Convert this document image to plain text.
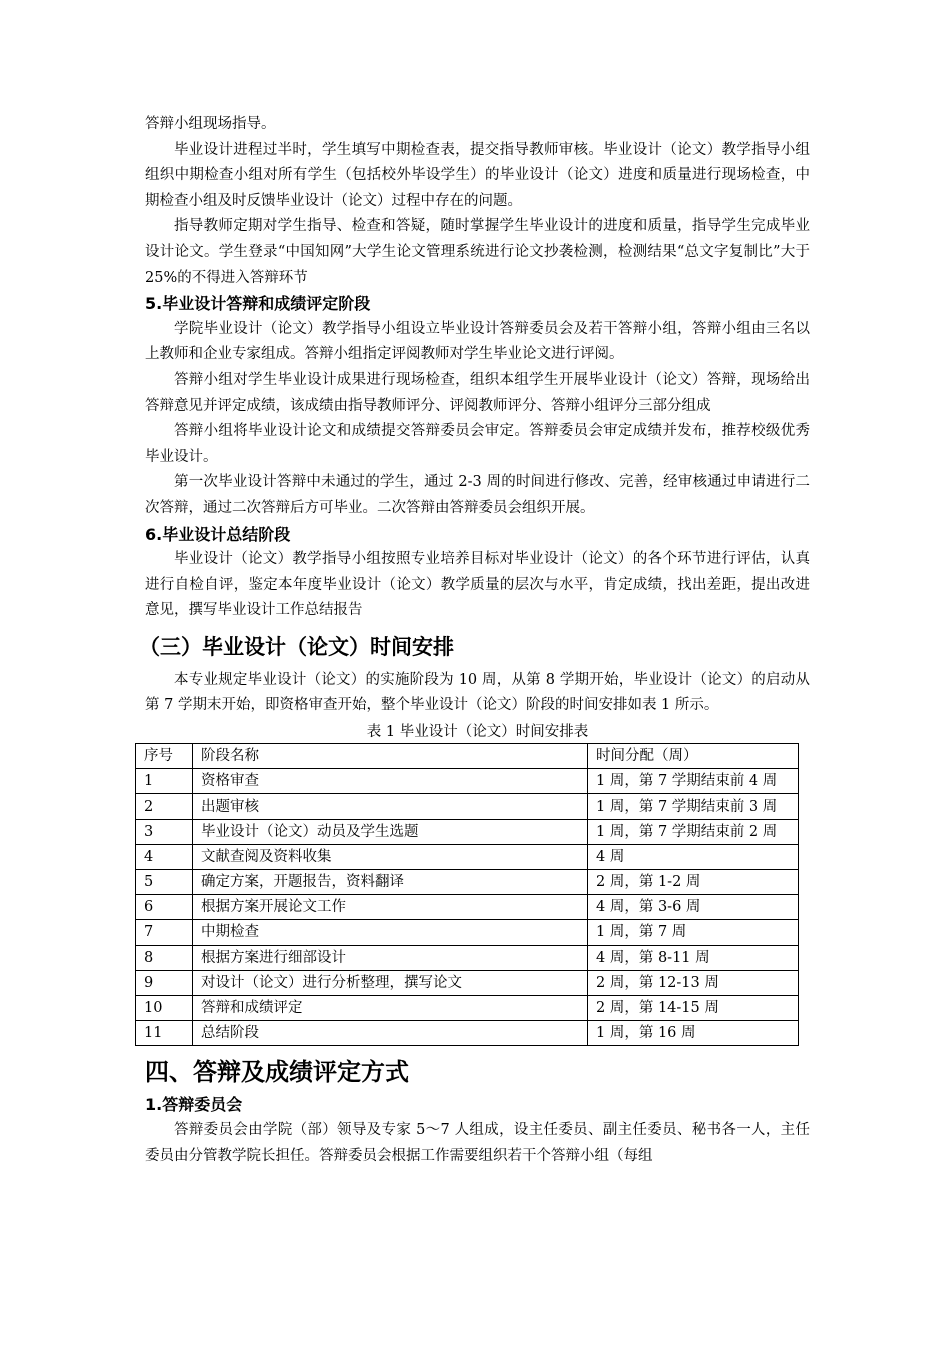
答辩小组现场指导。

毕业设计进程过半时，学生填写中期检查表，提交指导教师审核。毕业设计（论文）教学指导小组组织中期检查小组对所有学生（包括校外毕设学生）的毕业设计（论文）进度和质量进行现场检查，中期检查小组及时反馈毕业设计（论文）过程中存在的问题。

指导教师定期对学生指导、检查和答疑，随时掌握学生毕业设计的进度和质量，指导学生完成毕业设计论文。学生登录“中国知网”大学生论文管理系统进行论文抄袭检测，检测结果“总文字复制比”大于 25%的不得进入答辩环节

5.毕业设计答辩和成绩评定阶段

学院毕业设计（论文）教学指导小组设立毕业设计答辩委员会及若干答辩小组，答辩小组由三名以上教师和企业专家组成。答辩小组指定评阅教师对学生毕业论文进行评阅。

答辩小组对学生毕业设计成果进行现场检查，组织本组学生开展毕业设计（论文）答辩，现场给出答辩意见并评定成绩，该成绩由指导教师评分、评阅教师评分、答辩小组评分三部分组成

答辩小组将毕业设计论文和成绩提交答辩委员会审定。答辩委员会审定成绩并发布，推荐校级优秀毕业设计。

第一次毕业设计答辩中未通过的学生，通过 2-3 周的时间进行修改、完善，经审核通过申请进行二次答辩，通过二次答辩后方可毕业。二次答辩由答辩委员会组织开展。

6.毕业设计总结阶段

毕业设计（论文）教学指导小组按照专业培养目标对毕业设计（论文）的各个环节进行评估，认真进行自检自评，鉴定本年度毕业设计（论文）教学质量的层次与水平，肯定成绩，找出差距，提出改进意见，撰写毕业设计工作总结报告

（三）毕业设计（论文）时间安排

本专业规定毕业设计（论文）的实施阶段为 10 周，从第 8 学期开始，毕业设计（论文）的启动从第 7 学期末开始，即资格审查开始，整个毕业设计（论文）阶段的时间安排如表 1 所示。

表 1 毕业设计（论文）时间安排表
序号	阶段名称	时间分配（周）
1	资格审查	1 周，第 7 学期结束前 4 周
2	出题审核	1 周，第 7 学期结束前 3 周
3	毕业设计（论文）动员及学生选题	1 周，第 7 学期结束前 2 周
4	文献查阅及资料收集	4 周
5	确定方案，开题报告，资料翻译	2 周，第 1-2 周
6	根据方案开展论文工作	4 周，第 3-6 周
7	中期检查	1 周，第 7 周
8	根据方案进行细部设计	4 周，第 8-11 周
9	对设计（论文）进行分析整理，撰写论文	2 周，第 12-13 周
10	答辩和成绩评定	2 周，第 14-15 周
11	总结阶段	1 周，第 16 周
四、答辩及成绩评定方式
1.答辩委员会

答辩委员会由学院（部）领导及专家 5～7 人组成，设主任委员、副主任委员、秘书各一人，主任委员由分管教学院长担任。答辩委员会根据工作需要组织若干个答辩小组（每组
